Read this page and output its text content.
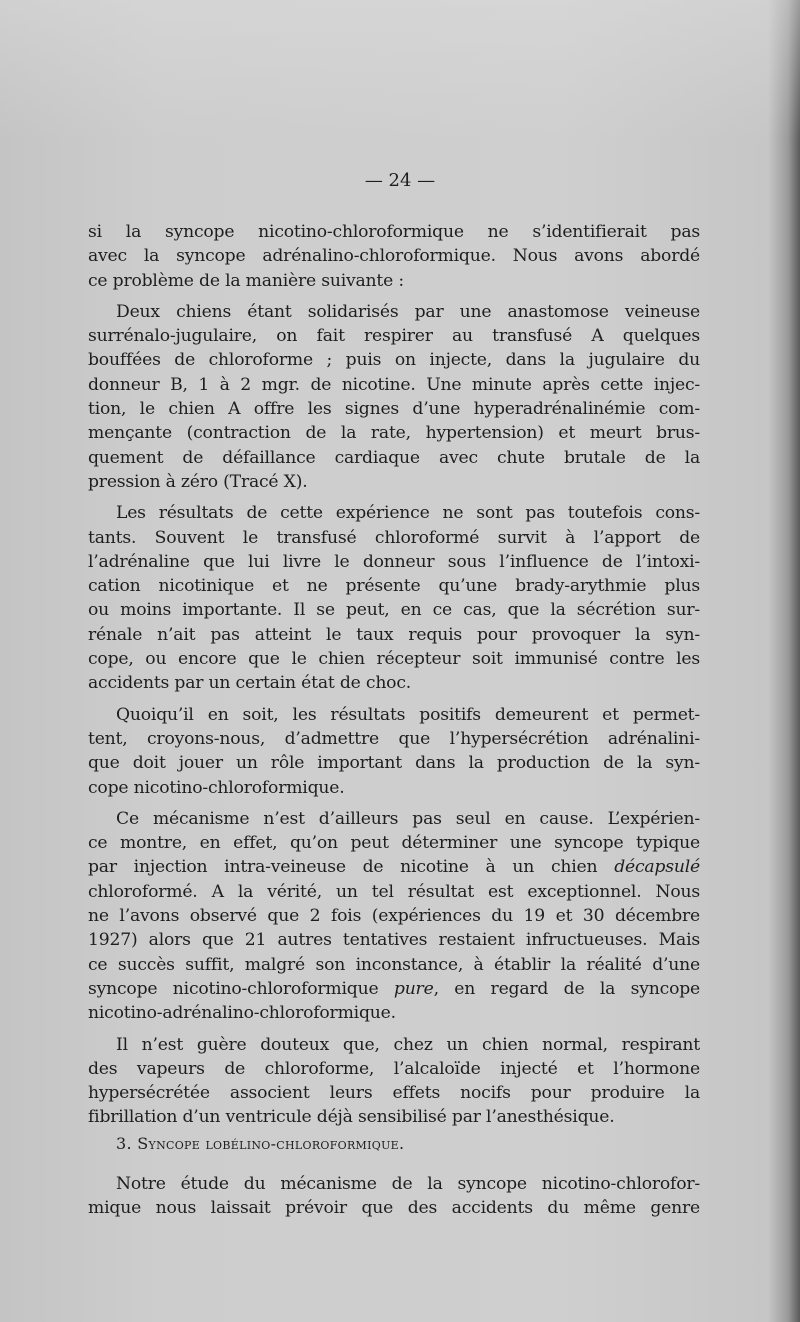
— 24 —
si la syncope nicotino-chloroformique ne s’identifierait pas
avec la syncope adrénalino-chloroformique. Nous avons abordé
ce problème de la manière suivante :
Deux chiens étant solidarisés par une anastomose veineuse
surrénalo-jugulaire, on fait respirer au transfusé A quelques
bouffées de chloroforme ; puis on injecte, dans la jugulaire du
donneur B, 1 à 2 mgr. de nicotine. Une minute après cette injec-
tion, le chien A offre les signes d’une hyperadrénalinémie com-
mençante (contraction de la rate, hypertension) et meurt brus-
quement de défaillance cardiaque avec chute brutale de la
pression à zéro (Tracé X).
Les résultats de cette expérience ne sont pas toutefois cons-
tants. Souvent le transfusé chloroformé survit à l’apport de
l’adrénaline que lui livre le donneur sous l’influence de l’intoxi-
cation nicotinique et ne présente qu’une brady-arythmie plus
ou moins importante. Il se peut, en ce cas, que la sécrétion sur-
rénale n’ait pas atteint le taux requis pour provoquer la syn-
cope, ou encore que le chien récepteur soit immunisé contre les
accidents par un certain état de choc.
Quoiqu’il en soit, les résultats positifs demeurent et permet-
tent, croyons-nous, d’admettre que l’hypersécrétion adrénalini-
que doit jouer un rôle important dans la production de la syn-
cope nicotino-chloroformique.
Ce mécanisme n’est d’ailleurs pas seul en cause. L’expérien-
ce montre, en effet, qu’on peut déterminer une syncope typique
par injection intra-veineuse de nicotine à un chien décapsulé
chloroformé. A la vérité, un tel résultat est exceptionnel. Nous
ne l’avons observé que 2 fois (expériences du 19 et 30 décembre
1927) alors que 21 autres tentatives restaient infructueuses. Mais
ce succès suffit, malgré son inconstance, à établir la réalité d’une
syncope nicotino-chloroformique pure, en regard de la syncope
nicotino-adrénalino-chloroformique.
Il n’est guère douteux que, chez un chien normal, respirant
des vapeurs de chloroforme, l’alcaloïde injecté et l’hormone
hypersécrétée associent leurs effets nocifs pour produire la
fibrillation d’un ventricule déjà sensibilisé par l’anesthésique.
3. Syncope lobélino-chloroformique.
Notre étude du mécanisme de la syncope nicotino-chlorofor-
mique nous laissait prévoir que des accidents du même genre
